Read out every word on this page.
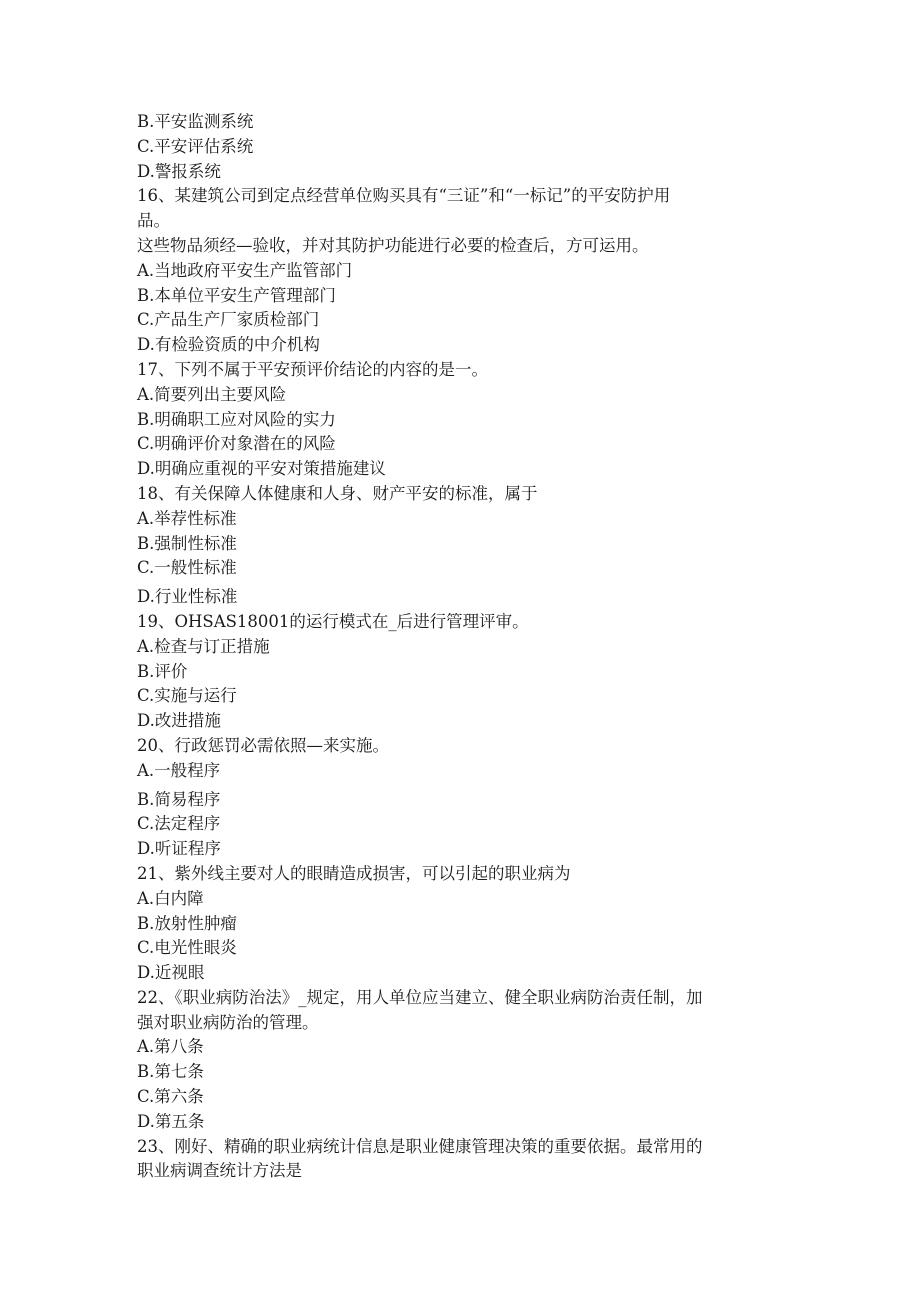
B.平安监测系统
C.平安评估系统
D.警报系统
16、某建筑公司到定点经营单位购买具有“三证”和“一标记”的平安防护用
品。
这些物品须经—验收，并对其防护功能进行必要的检查后，方可运用。
A.当地政府平安生产监管部门
B.本单位平安生产管理部门
C.产品生产厂家质检部门
D.有检验资质的中介机构
17、下列不属于平安预评价结论的内容的是一。
A.简要列出主要风险
B.明确职工应对风险的实力
C.明确评价对象潜在的风险
D.明确应重视的平安对策措施建议
18、有关保障人体健康和人身、财产平安的标准，属于
A.举荐性标准
B.强制性标准
C.一般性标准
D.行业性标准
19、OHSAS18001的运行模式在_后进行管理评审。
A.检查与订正措施
B.评价
C.实施与运行
D.改进措施
20、行政惩罚必需依照—来实施。
A.一般程序
B.简易程序
C.法定程序
D.听证程序
21、紫外线主要对人的眼睛造成损害，可以引起的职业病为
A.白内障
B.放射性肿瘤
C.电光性眼炎
D.近视眼
22、《职业病防治法》_规定，用人单位应当建立、健全职业病防治责任制，加
强对职业病防治的管理。
A.第八条
B.第七条
C.第六条
D.第五条
23、刚好、精确的职业病统计信息是职业健康管理决策的重要依据。最常用的
职业病调查统计方法是
